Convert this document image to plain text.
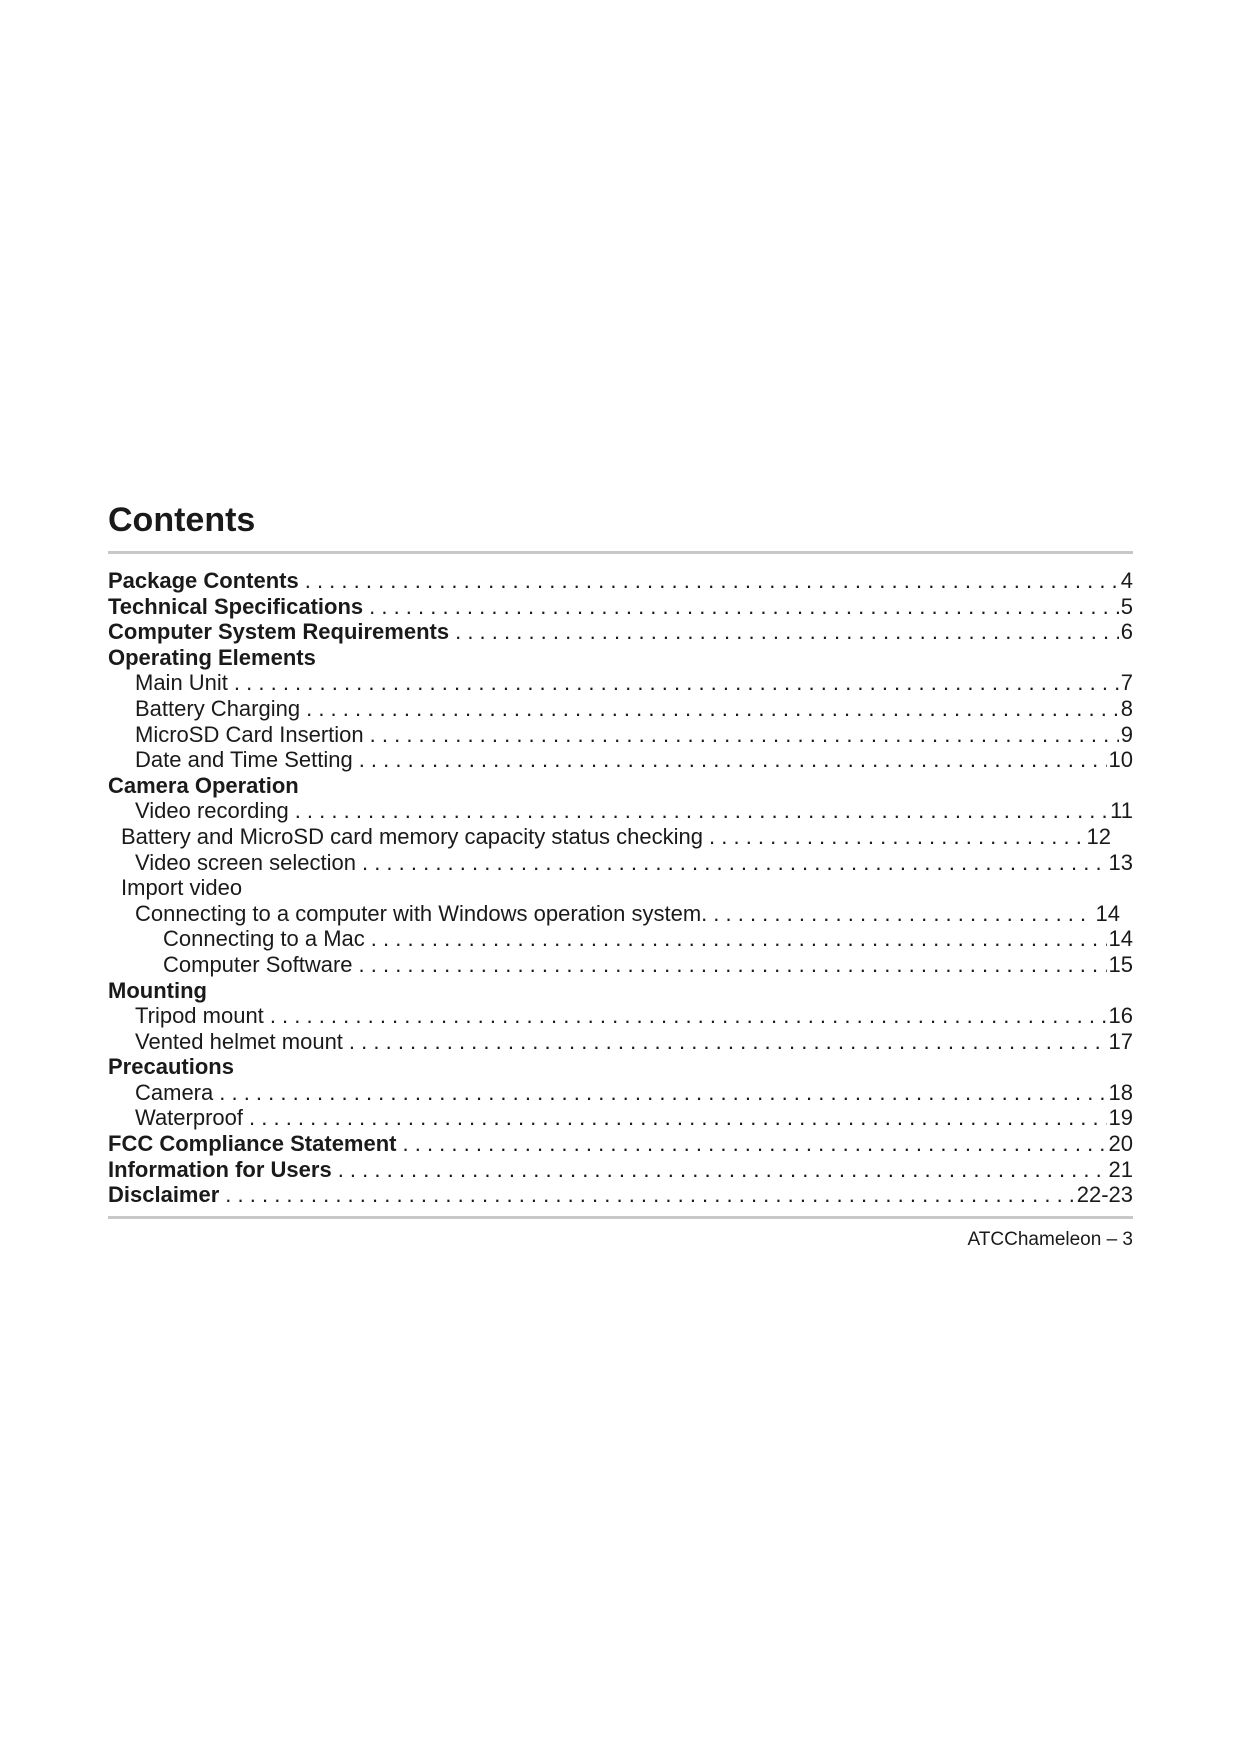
Contents
Package Contents . . .	4
Technical Specifications . . .	5
Computer System Requirements . . .	6
Operating Elements
Main Unit . . .	7
Battery Charging . . .	8
MicroSD Card Insertion . . .	9
Date and Time Setting . . .	10
Camera Operation
Video recording . . .	11
Battery and MicroSD card memory capacity status checking . . .	12
Video screen selection . . .	13
Import video
Connecting to a computer with Windows operation system. . . .	14
Connecting to a Mac . . .	14
Computer Software . . .	15
Mounting
Tripod mount . . .	16
Vented helmet mount . . .	17
Precautions
Camera . . .	18
Waterproof . . .	19
FCC Compliance Statement . . .	20
Information for Users . . .	21
Disclaimer . . .	22-23
ATCChameleon – 3
